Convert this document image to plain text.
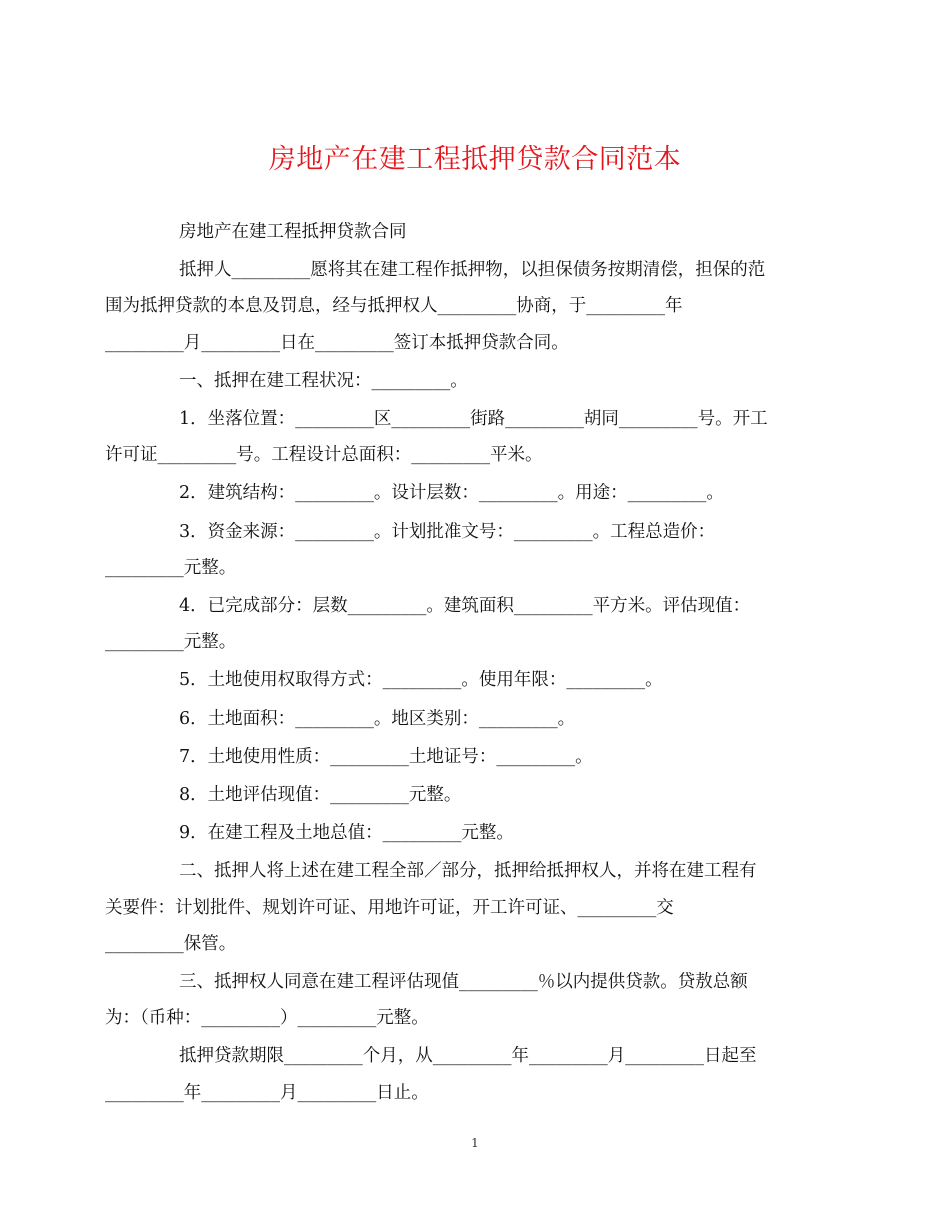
房地产在建工程抵押贷款合同范本

房地产在建工程抵押贷款合同

抵押人_________愿将其在建工程作抵押物，以担保债务按期清偿，担保的范
围为抵押贷款的本息及罚息，经与抵押权人_________协商，于_________年
_________月_________日在_________签订本抵押贷款合同。

一、抵押在建工程状况：_________。

1．坐落位置：_________区_________街路_________胡同_________号。开工
许可证_________号。工程设计总面积：_________平米。

2．建筑结构：_________。设计层数：_________。用途：_________。

3．资金来源：_________。计划批准文号：_________。工程总造价：
_________元整。

4．已完成部分：层数_________。建筑面积_________平方米。评估现值：
_________元整。

5．土地使用权取得方式：_________。使用年限：_________。

6．土地面积：_________。地区类别：_________。

7．土地使用性质：_________土地证号：_________。

8．土地评估现值：_________元整。

9．在建工程及土地总值：_________元整。

二、抵押人将上述在建工程全部／部分，抵押给抵押权人，并将在建工程有
关要件：计划批件、规划许可证、用地许可证，开工许可证、_________交
_________保管。

三、抵押权人同意在建工程评估现值_________％以内提供贷款。贷敖总额
为：（币种：_________）_________元整。

抵押贷款期限_________个月，从_________年_________月_________日起至
_________年_________月_________日止。

1
